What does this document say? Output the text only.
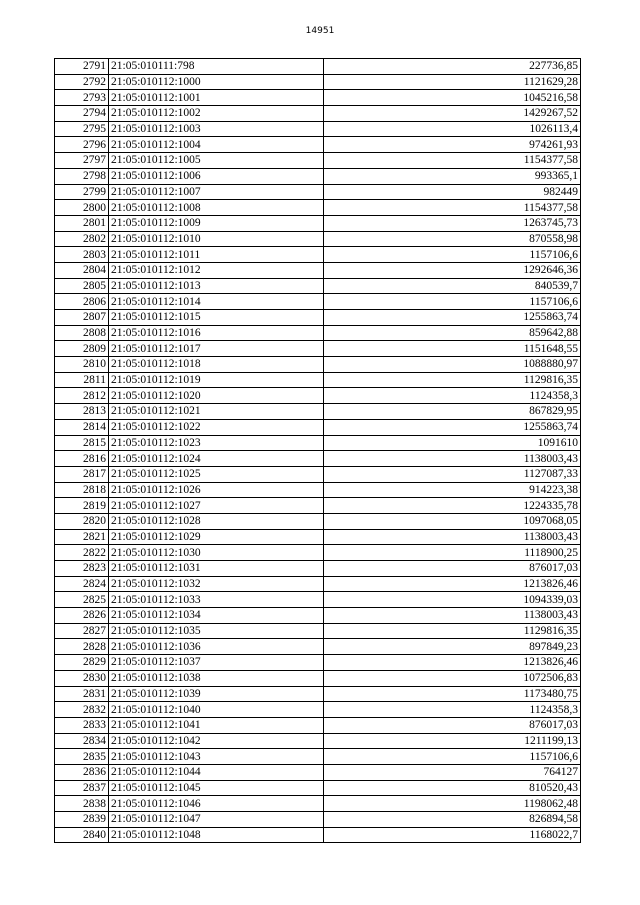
14951
2791	21:05:010111:798	227736,85
2792	21:05:010112:1000	1121629,28
2793	21:05:010112:1001	1045216,58
2794	21:05:010112:1002	1429267,52
2795	21:05:010112:1003	1026113,4
2796	21:05:010112:1004	974261,93
2797	21:05:010112:1005	1154377,58
2798	21:05:010112:1006	993365,1
2799	21:05:010112:1007	982449
2800	21:05:010112:1008	1154377,58
2801	21:05:010112:1009	1263745,73
2802	21:05:010112:1010	870558,98
2803	21:05:010112:1011	1157106,6
2804	21:05:010112:1012	1292646,36
2805	21:05:010112:1013	840539,7
2806	21:05:010112:1014	1157106,6
2807	21:05:010112:1015	1255863,74
2808	21:05:010112:1016	859642,88
2809	21:05:010112:1017	1151648,55
2810	21:05:010112:1018	1088880,97
2811	21:05:010112:1019	1129816,35
2812	21:05:010112:1020	1124358,3
2813	21:05:010112:1021	867829,95
2814	21:05:010112:1022	1255863,74
2815	21:05:010112:1023	1091610
2816	21:05:010112:1024	1138003,43
2817	21:05:010112:1025	1127087,33
2818	21:05:010112:1026	914223,38
2819	21:05:010112:1027	1224335,78
2820	21:05:010112:1028	1097068,05
2821	21:05:010112:1029	1138003,43
2822	21:05:010112:1030	1118900,25
2823	21:05:010112:1031	876017,03
2824	21:05:010112:1032	1213826,46
2825	21:05:010112:1033	1094339,03
2826	21:05:010112:1034	1138003,43
2827	21:05:010112:1035	1129816,35
2828	21:05:010112:1036	897849,23
2829	21:05:010112:1037	1213826,46
2830	21:05:010112:1038	1072506,83
2831	21:05:010112:1039	1173480,75
2832	21:05:010112:1040	1124358,3
2833	21:05:010112:1041	876017,03
2834	21:05:010112:1042	1211199,13
2835	21:05:010112:1043	1157106,6
2836	21:05:010112:1044	764127
2837	21:05:010112:1045	810520,43
2838	21:05:010112:1046	1198062,48
2839	21:05:010112:1047	826894,58
2840	21:05:010112:1048	1168022,7
